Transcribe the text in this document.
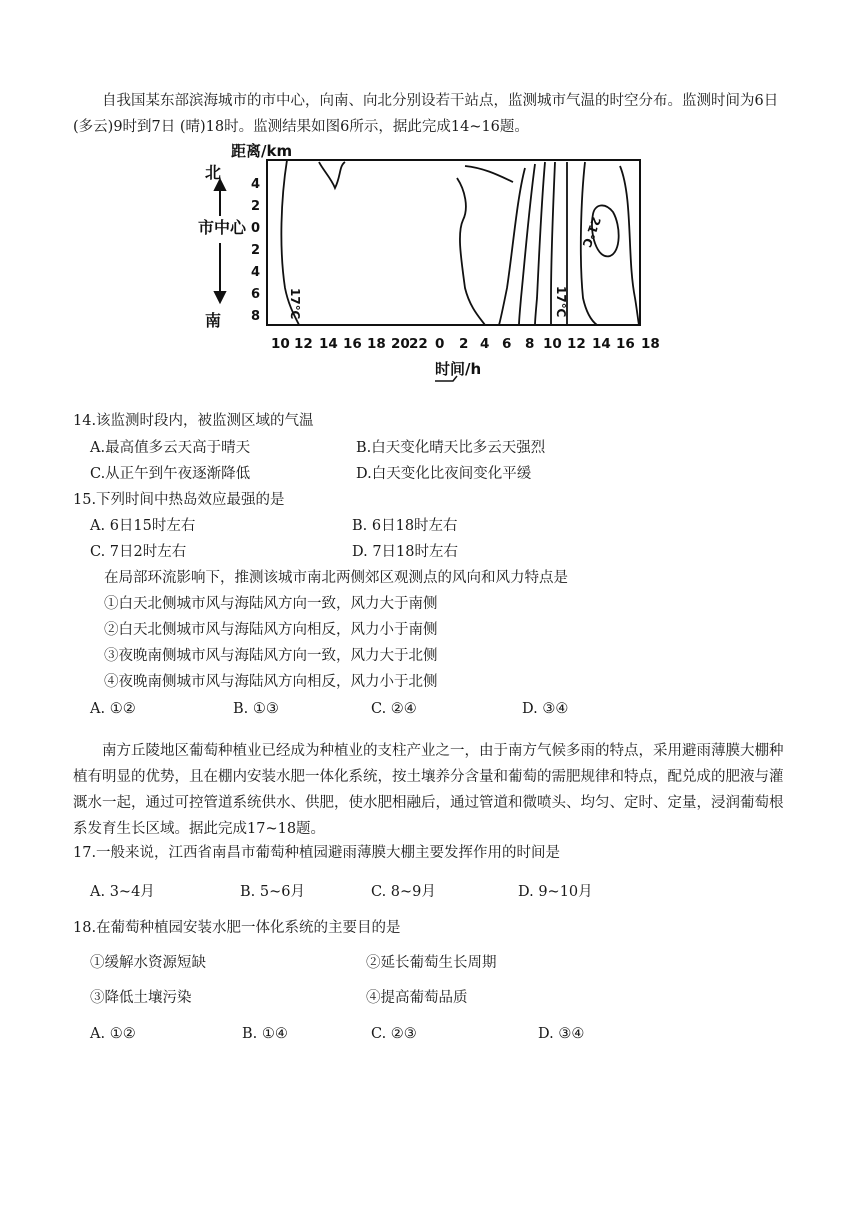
自我国某东部滨海城市的市中心，向南、向北分别设若干站点，监测城市气温的时空分布。监测时间为6日 (多云)9时到7日 (晴)18时。监测结果如图6所示，据此完成14~16题。
距离/km
北
市中心
南
4
2
0
2
4
6
8 17℃	17℃
21℃
10 12 14 16 18 20 22 0 2 4 6 8 10 12 14 16 18
时间/h
14.该监测时段内，被监测区域的气温
A.最高值多云天高于晴天	B.白天变化晴天比多云天强烈
C.从正午到午夜逐渐降低	D.白天变化比夜间变化平缓
15.下列时间中热岛效应最强的是
A. 6日15时左右	B. 6日18时左右
C. 7日2时左右	D. 7日18时左右
在局部环流影响下，推测该城市南北两侧郊区观测点的风向和风力特点是
①白天北侧城市风与海陆风方向一致，风力大于南侧
②白天北侧城市风与海陆风方向相反，风力小于南侧
③夜晚南侧城市风与海陆风方向一致，风力大于北侧
④夜晚南侧城市风与海陆风方向相反，风力小于北侧
A. ①②	B. ①③	C. ②④	D. ③④
南方丘陵地区葡萄种植业已经成为种植业的支柱产业之一，由于南方气候多雨的特点，采用避雨薄膜大棚种植有明显的优势，且在棚内安装水肥一体化系统，按土壤养分含量和葡萄的需肥规律和特点，配兑成的肥液与灌溉水一起，通过可控管道系统供水、供肥，使水肥相融后，通过管道和微喷头、均匀、定时、定量，浸润葡萄根系发育生长区域。据此完成17~18题。
17.一般来说，江西省南昌市葡萄种植园避雨薄膜大棚主要发挥作用的时间是
A. 3~4月	B. 5~6月	C. 8~9月	D. 9~10月
18.在葡萄种植园安装水肥一体化系统的主要目的是
①缓解水资源短缺	②延长葡萄生长周期
③降低土壤污染	④提高葡萄品质
A. ①②	B. ①④	C. ②③	D. ③④
